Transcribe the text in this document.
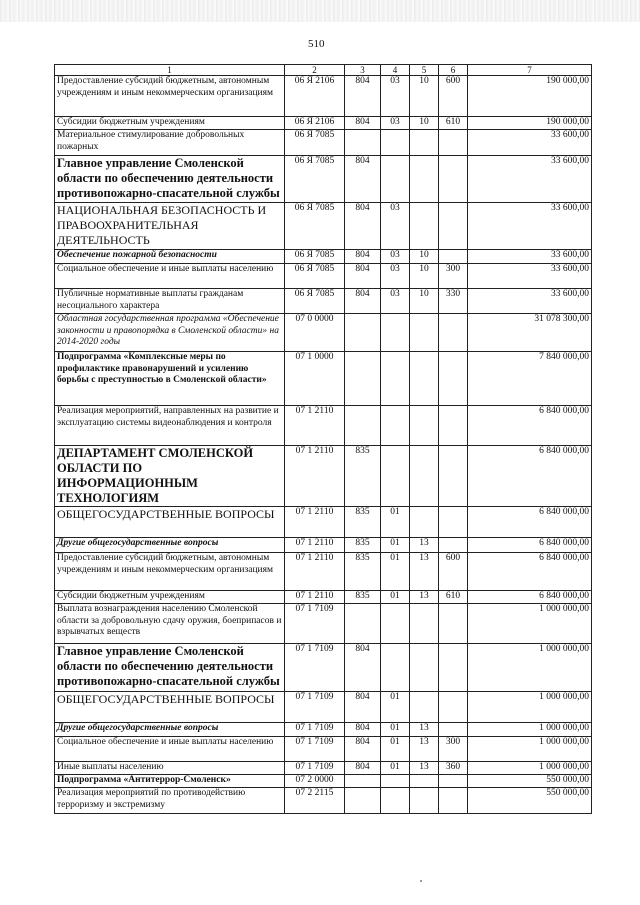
510
1	2	3	4	5	6	7
Предоставление субсидий бюджетным, автономным учреждениям и иным некоммерческим организациям	06 Я 2106	804	03	10	600	190 000,00
Субсидии бюджетным учреждениям	06 Я 2106	804	03	10	610	190 000,00
Материальное стимулирование добровольных пожарных	06 Я 7085					33 600,00
Главное управление Смоленской области по обеспечению деятельности противопожарно-спасательной службы	06 Я 7085	804				33 600,00
НАЦИОНАЛЬНАЯ БЕЗОПАСНОСТЬ И ПРАВООХРАНИТЕЛЬНАЯ ДЕЯТЕЛЬНОСТЬ	06 Я 7085	804	03			33 600,00
Обеспечение пожарной безопасности	06 Я 7085	804	03	10		33 600,00
Социальное обеспечение и иные выплаты населению	06 Я 7085	804	03	10	300	33 600,00
Публичные нормативные выплаты гражданам несоциального характера	06 Я 7085	804	03	10	330	33 600,00
Областная государственная программа «Обеспечение законности и правопорядка в Смоленской области» на 2014-2020 годы	07 0 0000					31 078 300,00
Подпрограмма «Комплексные меры по профилактике правонарушений и усилению борьбы с преступностью в Смоленской области»	07 1 0000					7 840 000,00
Реализация мероприятий, направленных на развитие и эксплуатацию системы видеонаблюдения и контроля	07 1 2110					6 840 000,00
ДЕПАРТАМЕНТ СМОЛЕНСКОЙ ОБЛАСТИ ПО ИНФОРМАЦИОННЫМ ТЕХНОЛОГИЯМ	07 1 2110	835				6 840 000,00
ОБЩЕГОСУДАРСТВЕННЫЕ ВОПРОСЫ	07 1 2110	835	01			6 840 000,00
Другие общегосударственные вопросы	07 1 2110	835	01	13		6 840 000,00
Предоставление субсидий бюджетным, автономным учреждениям и иным некоммерческим организациям	07 1 2110	835	01	13	600	6 840 000,00
Субсидии бюджетным учреждениям	07 1 2110	835	01	13	610	6 840 000,00
Выплата вознаграждения населению Смоленской области за добровольную сдачу оружия, боеприпасов и взрывчатых веществ	07 1 7109					1 000 000,00
Главное управление Смоленской области по обеспечению деятельности противопожарно-спасательной службы	07 1 7109	804				1 000 000,00
ОБЩЕГОСУДАРСТВЕННЫЕ ВОПРОСЫ	07 1 7109	804	01			1 000 000,00
Другие общегосударственные вопросы	07 1 7109	804	01	13		1 000 000,00
Социальное обеспечение и иные выплаты населению	07 1 7109	804	01	13	300	1 000 000,00
Иные выплаты населению	07 1 7109	804	01	13	360	1 000 000,00
Подпрограмма «Антитеррор-Смоленск»	07 2 0000					550 000,00
Реализация мероприятий по противодействию терроризму и экстремизму	07 2 2115					550 000,00
